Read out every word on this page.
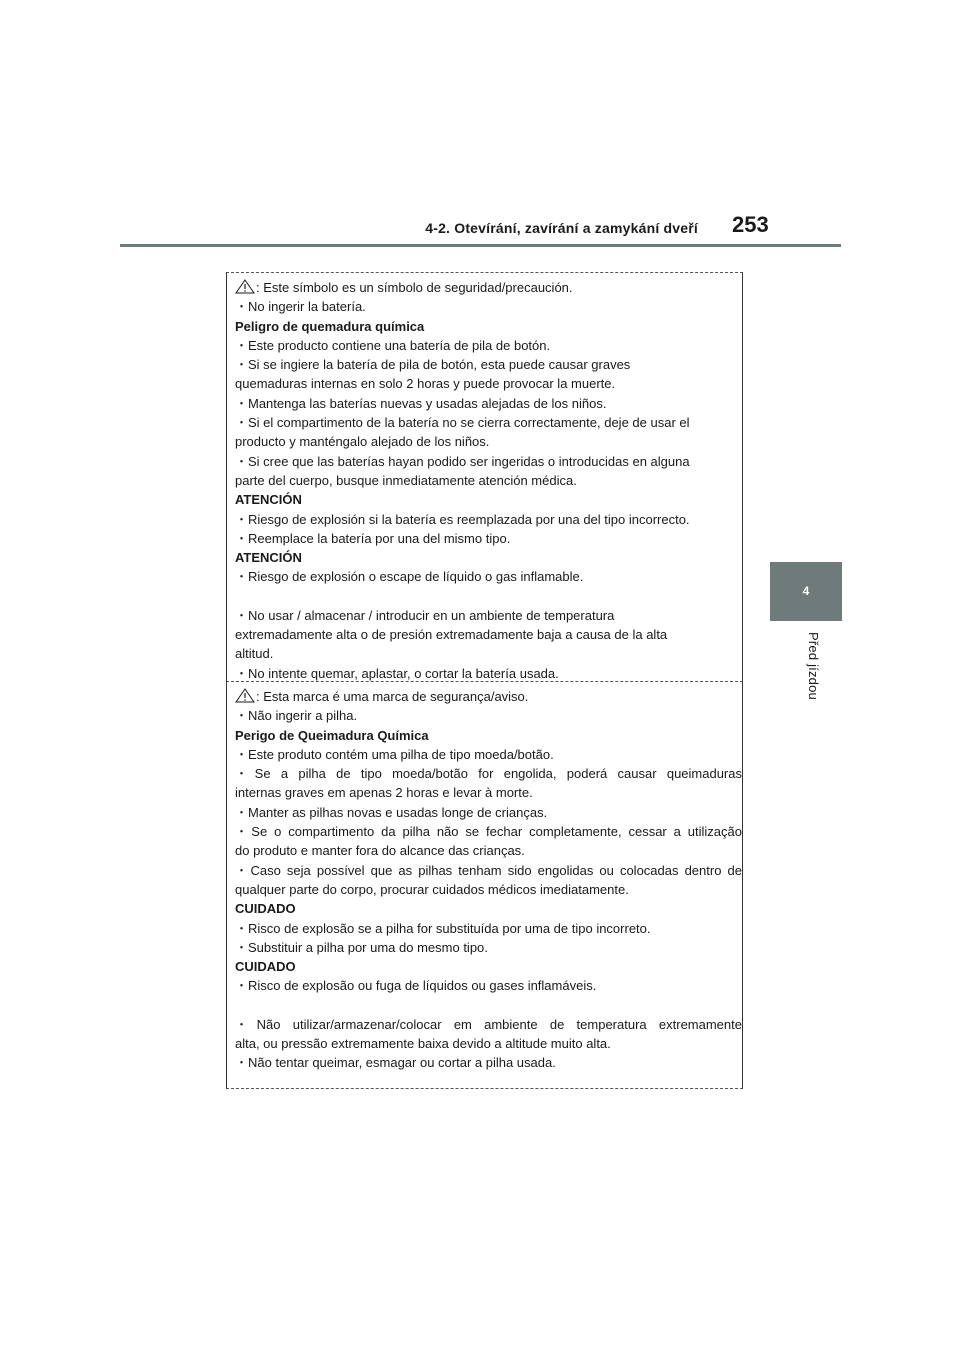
4-2. Otevírání, zavírání a zamykání dveří 253
4
Před jízdou
: Este símbolo es un símbolo de seguridad/precaución.
・No ingerir la batería.
Peligro de quemadura química
・Este producto contiene una batería de pila de botón.
・Si se ingiere la batería de pila de botón, esta puede causar graves
quemaduras internas en solo 2 horas y puede provocar la muerte.
・Mantenga las baterías nuevas y usadas alejadas de los niños.
・Si el compartimento de la batería no se cierra correctamente, deje de usar el
producto y manténgalo alejado de los niños.
・Si cree que las baterías hayan podido ser ingeridas o introducidas en alguna
parte del cuerpo, busque inmediatamente atención médica.
ATENCIÓN
・Riesgo de explosión si la batería es reemplazada por una del tipo incorrecto.
・Reemplace la batería por una del mismo tipo.
ATENCIÓN
・Riesgo de explosión o escape de líquido o gas inflamable.
・No usar / almacenar / introducir en un ambiente de temperatura
extremadamente alta o de presión extremadamente baja a causa de la alta
altitud.
・No intente quemar, aplastar, o cortar la batería usada.
: Esta marca é uma marca de segurança/aviso.
・Não ingerir a pilha.
Perigo de Queimadura Química
・Este produto contém uma pilha de tipo moeda/botão.
・Se a pilha de tipo moeda/botão for engolida, poderá causar queimaduras
internas graves em apenas 2 horas e levar à morte.
・Manter as pilhas novas e usadas longe de crianças.
・Se o compartimento da pilha não se fechar completamente, cessar a utilização
do produto e manter fora do alcance das crianças.
・Caso seja possível que as pilhas tenham sido engolidas ou colocadas dentro de
qualquer parte do corpo, procurar cuidados médicos imediatamente.
CUIDADO
・Risco de explosão se a pilha for substituída por uma de tipo incorreto.
・Substituir a pilha por uma do mesmo tipo.
CUIDADO
・Risco de explosão ou fuga de líquidos ou gases inflamáveis.
・Não utilizar/armazenar/colocar em ambiente de temperatura extremamente
alta, ou pressão extremamente baixa devido a altitude muito alta.
・Não tentar queimar, esmagar ou cortar a pilha usada.
